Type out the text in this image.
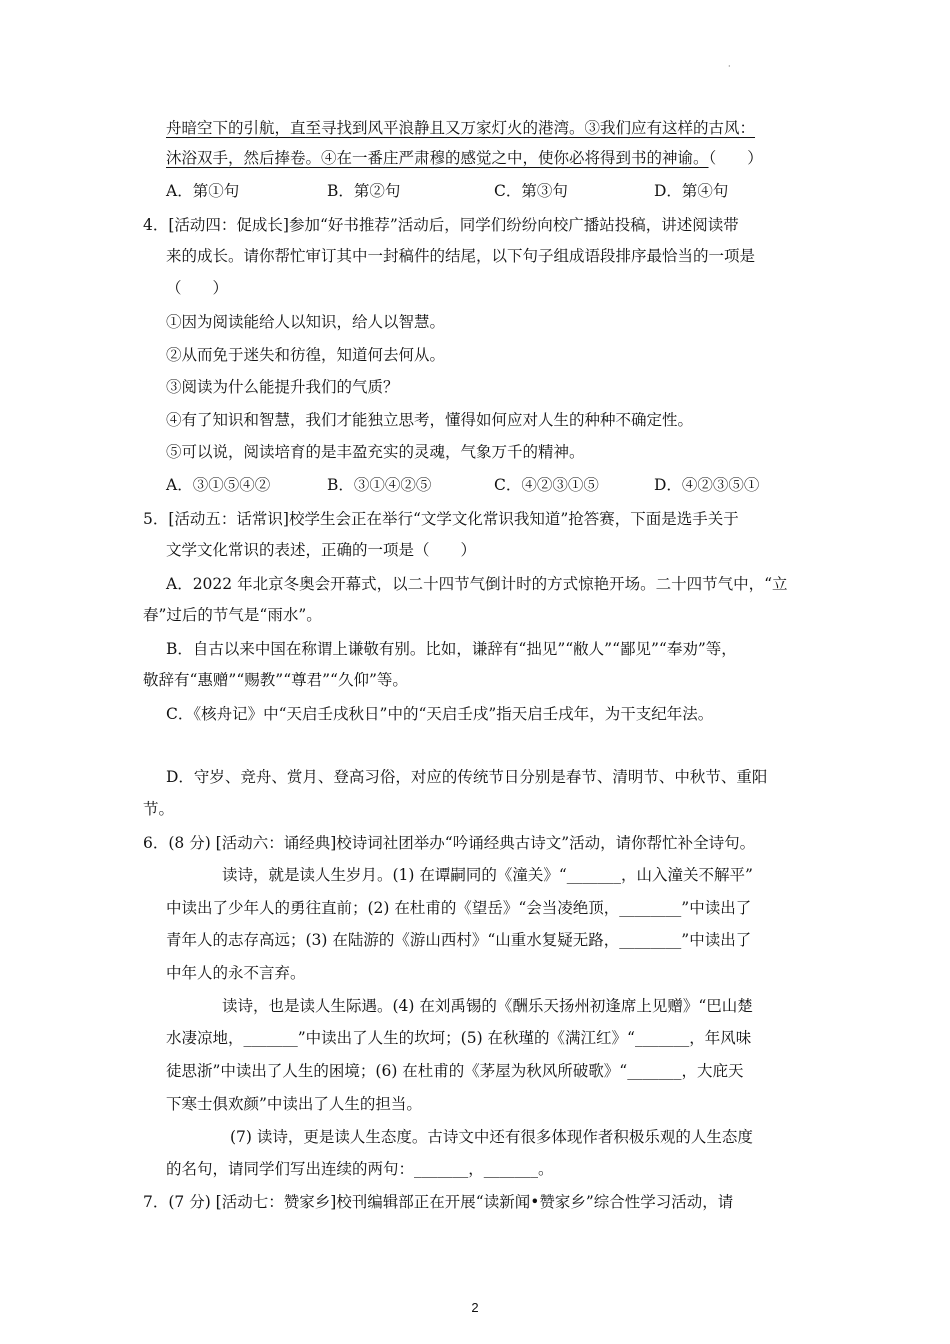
·
舟暗空下的引航，直至寻找到风平浪静且又万家灯火的港湾。③我们应有这样的古风：
沐浴双手，然后捧卷。④在一番庄严肃穆的感觉之中，使你必将得到书的神谕。（　　）
A．第①句	B．第②句	C．第③句	D．第④句
4．[活动四：促成长]参加“好书推荐”活动后，同学们纷纷向校广播站投稿，讲述阅读带
来的成长。请你帮忙审订其中一封稿件的结尾，以下句子组成语段排序最恰当的一项是
（　　）
①因为阅读能给人以知识，给人以智慧。
②从而免于迷失和彷徨，知道何去何从。
③阅读为什么能提升我们的气质？
④有了知识和智慧，我们才能独立思考，懂得如何应对人生的种种不确定性。
⑤可以说，阅读培育的是丰盈充实的灵魂，气象万千的精神。
A．③①⑤④②	B．③①④②⑤	C．④②③①⑤	D．④②③⑤①
5．[活动五：话常识]校学生会正在举行“文学文化常识我知道”抢答赛，下面是选手关于
文学文化常识的表述，正确的一项是（　　）
A．2022 年北京冬奥会开幕式，以二十四节气倒计时的方式惊艳开场。二十四节气中，“立
春”过后的节气是“雨水”。
B．自古以来中国在称谓上谦敬有别。比如，谦辞有“拙见”“敝人”“鄙见”“奉劝”等，
敬辞有“惠赠”“赐教”“尊君”“久仰”等。
C．《核舟记》中“天启壬戌秋日”中的“天启壬戌”指天启壬戌年，为干支纪年法。
D．守岁、竞舟、赏月、登高习俗，对应的传统节日分别是春节、清明节、中秋节、重阳
节。
6．(8 分) [活动六：诵经典]校诗词社团举办“吟诵经典古诗文”活动，请你帮忙补全诗句。
读诗，就是读人生岁月。(1) 在谭嗣同的《潼关》“_______，山入潼关不解平”
中读出了少年人的勇往直前；(2) 在杜甫的《望岳》“会当凌绝顶，________”中读出了
青年人的志存高远；(3) 在陆游的《游山西村》“山重水复疑无路，________”中读出了
中年人的永不言弃。
读诗，也是读人生际遇。(4) 在刘禹锡的《酬乐天扬州初逢席上见赠》“巴山楚
水凄凉地，_______”中读出了人生的坎坷；(5) 在秋瑾的《满江红》“_______，年风味
徒思浙”中读出了人生的困境；(6) 在杜甫的《茅屋为秋风所破歌》“_______，大庇天
下寒士俱欢颜”中读出了人生的担当。
(7) 读诗，更是读人生态度。古诗文中还有很多体现作者积极乐观的人生态度
的名句，请同学们写出连续的两句：_______，_______。
7．(7 分) [活动七：赞家乡]校刊编辑部正在开展“读新闻•赞家乡”综合性学习活动，请
2
